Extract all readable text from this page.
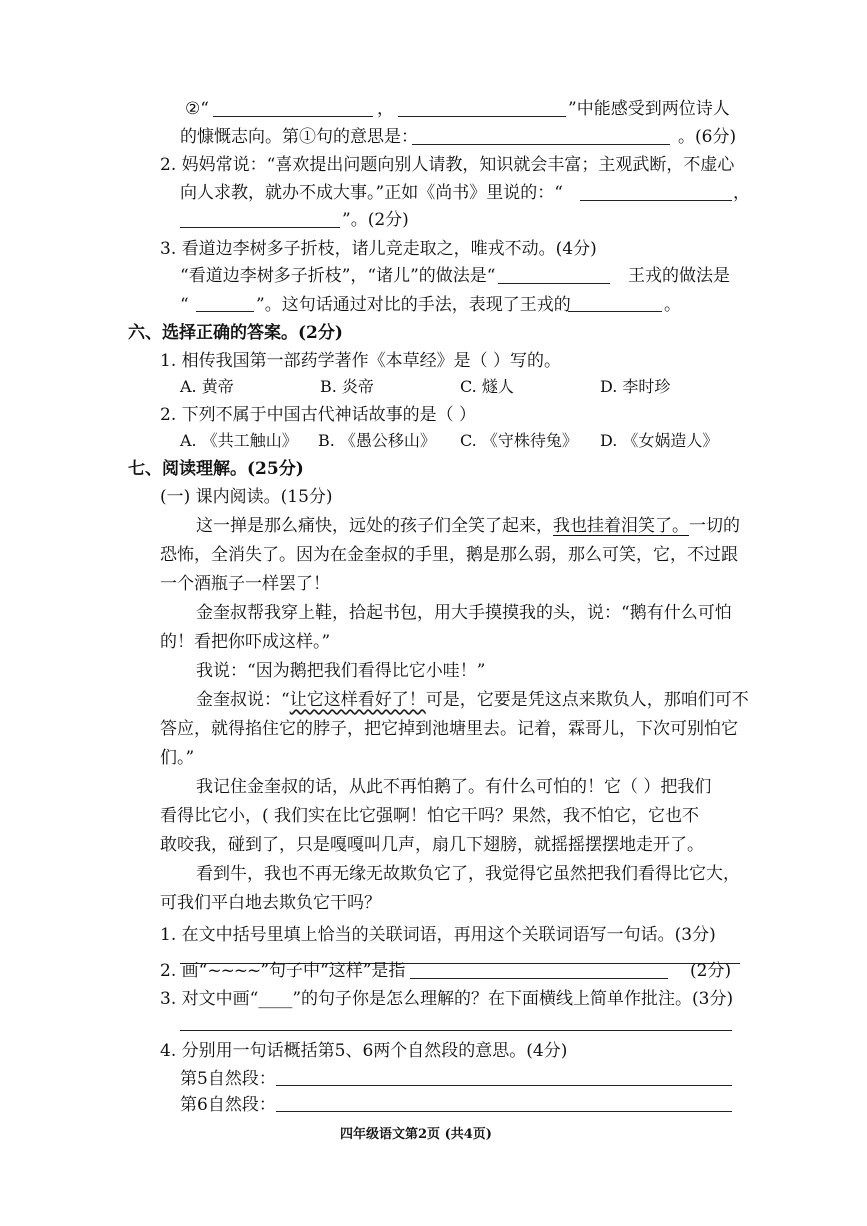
②“	，	”中能感受到两位诗人
的慷慨志向。第①句的意思是：	。(6分)
2. 妈妈常说：“喜欢提出问题向别人请教，知识就会丰富；主观武断，不虚心
向人求教，就办不成大事。”正如《尚书》里说的：“	，
”。(2分)
3. 看道边李树多子折枝，诸儿竞走取之，唯戎不动。(4分)
“看道边李树多子折枝”，“诸儿”的做法是“	王戎的做法是
“	”。这句话通过对比的手法，表现了王戎的	。
六、选择正确的答案。(2分)
1. 相传我国第一部药学著作《本草经》是（ ）写的。
A. 黄帝	B. 炎帝	C. 燧人	D. 李时珍
2. 下列不属于中国古代神话故事的是（ ）
A. 《共工触山》 B. 《愚公移山》 C. 《守株待兔》 D. 《女娲造人》
七、阅读理解。(25分)
(一) 课内阅读。(15分)
这一掸是那么痛快，远处的孩子们全笑了起来，我也挂着泪笑了。一切的
恐怖，全消失了。因为在金奎叔的手里，鹅是那么弱，那么可笑，它，不过跟
一个酒瓶子一样罢了！
金奎叔帮我穿上鞋，拾起书包，用大手摸摸我的头，说：“鹅有什么可怕
的！看把你吓成这样。”
我说：“因为鹅把我们看得比它小哇！”
金奎叔说：“让它这样看好了！可是，它要是凭这点来欺负人，那咱们可不
答应，就得掐住它的脖子，把它掉到池塘里去。记着，霖哥儿，下次可别怕它
们。”
我记住金奎叔的话，从此不再怕鹅了。有什么可怕的！它（ ）把我们
看得比它小，( 我们实在比它强啊！怕它干吗？果然，我不怕它，它也不
敢咬我，碰到了，只是嘎嘎叫几声，扇几下翅膀，就摇摇摆摆地走开了。
看到牛，我也不再无缘无故欺负它了，我觉得它虽然把我们看得比它大，
可我们平白地去欺负它干吗？
1. 在文中括号里填上恰当的关联词语，再用这个关联词语写一句话。(3分)
2. 画“~~~~”句子中“这样”是指	(2分)
3. 对文中画“____”的句子你是怎么理解的？在下面横线上简单作批注。(3分)
4. 分别用一句话概括第5、6两个自然段的意思。(4分)
第5自然段：
第6自然段：
四年级语文第2页 (共4页)
